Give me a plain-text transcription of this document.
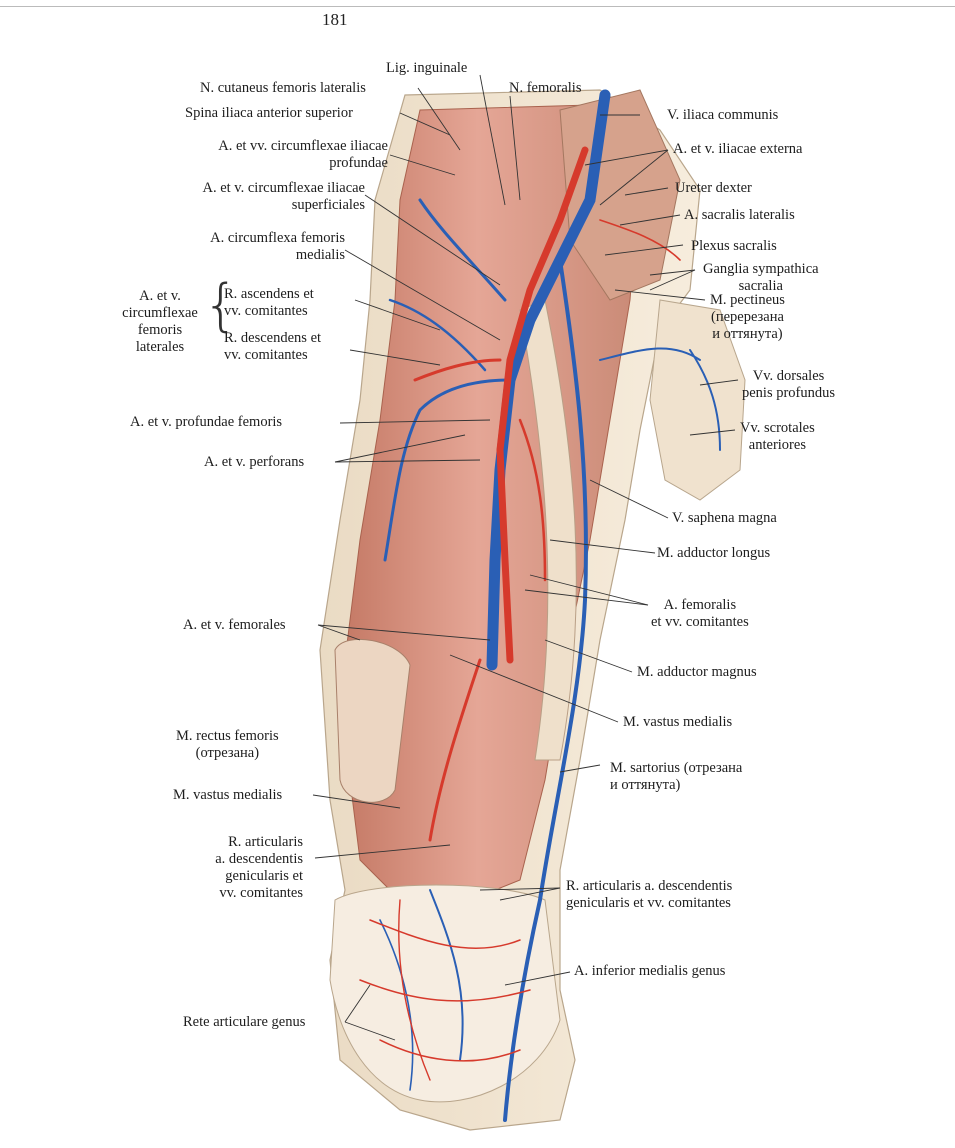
181
Lig. inguinale
N. cutaneus femoris lateralis	N. femoralis
V. iliaca communis
Spina iliaca anterior superior
A. et v. iliacae externa
A. et vv. circumflexae iliacae
profundae
Ureter dexter
A. et v. circumflexae iliacae
superficiales
A. sacralis lateralis
A. circumflexa femoris
medialis
Plexus sacralis
Ganglia sympathica
sacralia
A. et v.
circumflexae
femoris
laterales
{
R. ascendens et
vv. comitantes
R. descendens et
vv. comitantes
M. pectineus
(перерезана
и оттянута)
Vv. dorsales
penis profundus
A. et v. profundae femoris	Vv. scrotales
anteriores
A. et v. perforans
V. saphena magna
M. adductor longus
A. femoralis
et vv. comitantes
A. et v. femorales
M. adductor magnus
M. vastus medialis
M. rectus femoris
(отрезана)
M. sartorius (отрезана
и оттянута)
M. vastus medialis
R. articularis
a. descendentis
genicularis et
vv. comitantes	R. articularis a. descendentis
genicularis et vv. comitantes
A. inferior medialis genus
Rete articulare genus
